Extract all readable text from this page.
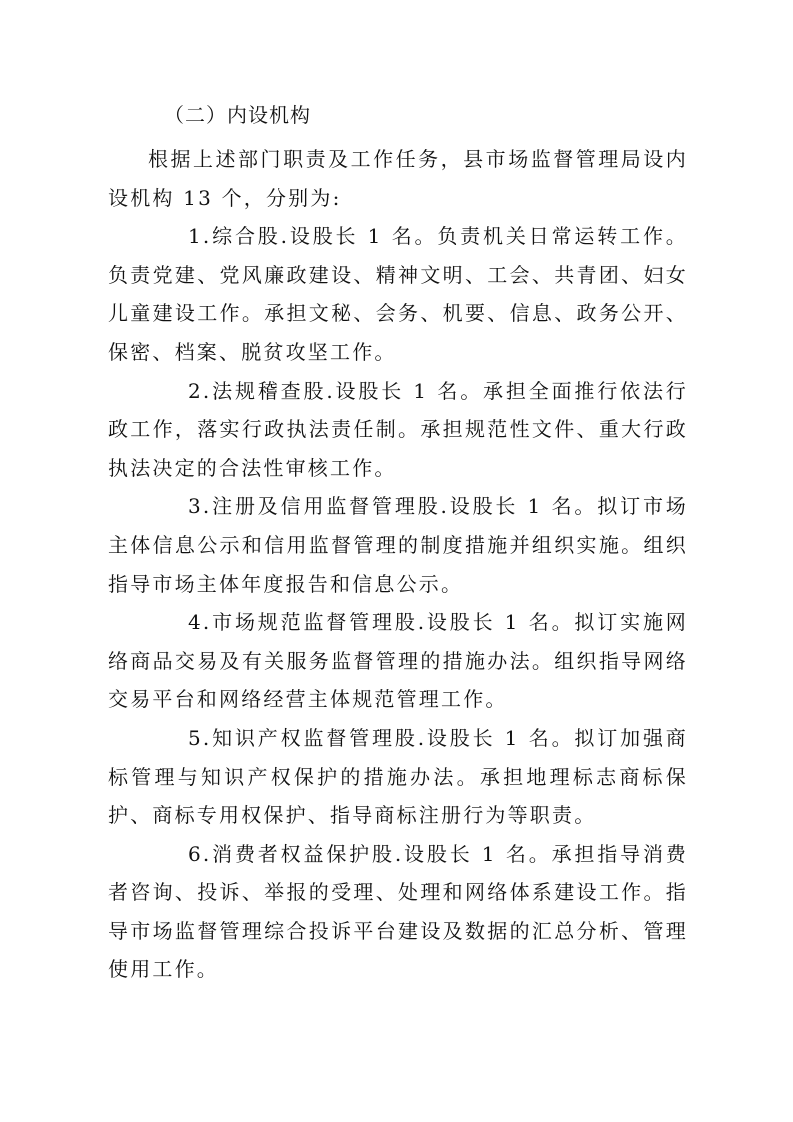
（二）内设机构

根据上述部门职责及工作任务，县市场监督管理局设内设机构 13 个，分别为:

1.综合股.设股长 1 名。负责机关日常运转工作。负责党建、党风廉政建设、精神文明、工会、共青团、妇女儿童建设工作。承担文秘、会务、机要、信息、政务公开、保密、档案、脱贫攻坚工作。

2.法规稽查股.设股长 1 名。承担全面推行依法行政工作，落实行政执法责任制。承担规范性文件、重大行政执法决定的合法性审核工作。

3.注册及信用监督管理股.设股长 1 名。拟订市场主体信息公示和信用监督管理的制度措施并组织实施。组织指导市场主体年度报告和信息公示。

4.市场规范监督管理股.设股长 1 名。拟订实施网络商品交易及有关服务监督管理的措施办法。组织指导网络交易平台和网络经营主体规范管理工作。

5.知识产权监督管理股.设股长 1 名。拟订加强商标管理与知识产权保护的措施办法。承担地理标志商标保护、商标专用权保护、指导商标注册行为等职责。

6.消费者权益保护股.设股长 1 名。承担指导消费者咨询、投诉、举报的受理、处理和网络体系建设工作。指导市场监督管理综合投诉平台建设及数据的汇总分析、管理使用工作。
